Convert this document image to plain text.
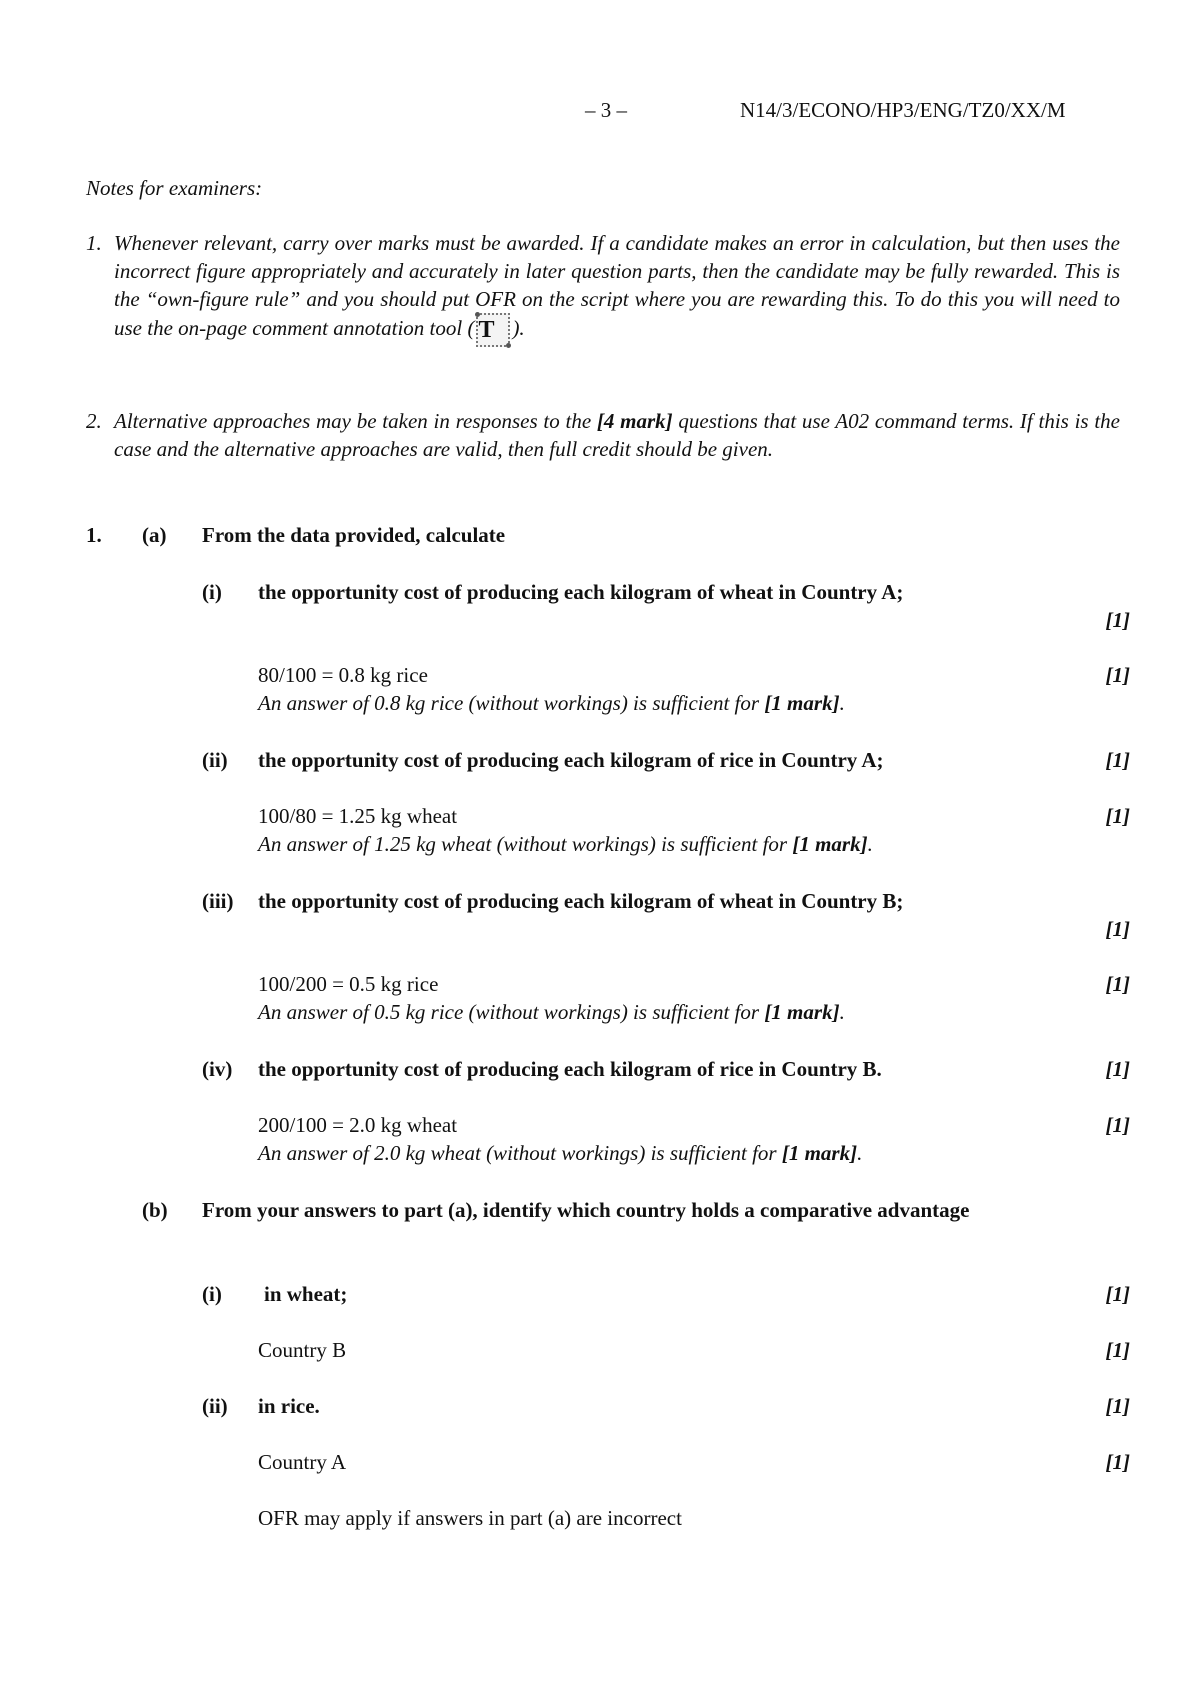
– 3 –	N14/3/ECONO/HP3/ENG/TZ0/XX/M
Notes for examiners:
1. Whenever relevant, carry over marks must be awarded. If a candidate makes an error in calculation, but then uses the incorrect figure appropriately and accurately in later question parts, then the candidate may be fully rewarded. This is the “own-figure rule” and you should put OFR on the script where you are rewarding this. To do this you will need to use the on-page comment annotation tool ( T ).
2. Alternative approaches may be taken in responses to the [4 mark] questions that use A02 command terms. If this is the case and the alternative approaches are valid, then full credit should be given.
1. (a) From the data provided, calculate
(i) the opportunity cost of producing each kilogram of wheat in Country A;
[1]
80/100 = 0.8 kg rice	[1]
An answer of 0.8 kg rice (without workings) is sufficient for [1 mark].
(ii) the opportunity cost of producing each kilogram of rice in Country A;	[1]
100/80 = 1.25 kg wheat	[1]
An answer of 1.25 kg wheat (without workings) is sufficient for [1 mark].
(iii) the opportunity cost of producing each kilogram of wheat in Country B;
[1]
100/200 = 0.5 kg rice	[1]
An answer of 0.5 kg rice (without workings) is sufficient for [1 mark].
(iv) the opportunity cost of producing each kilogram of rice in Country B.	[1]
200/100 = 2.0 kg wheat	[1]
An answer of 2.0 kg wheat (without workings) is sufficient for [1 mark].
(b) From your answers to part (a), identify which country holds a comparative advantage
(i) in wheat;	[1]
Country B	[1]
(ii) in rice.	[1]
Country A	[1]
OFR may apply if answers in part (a) are incorrect
